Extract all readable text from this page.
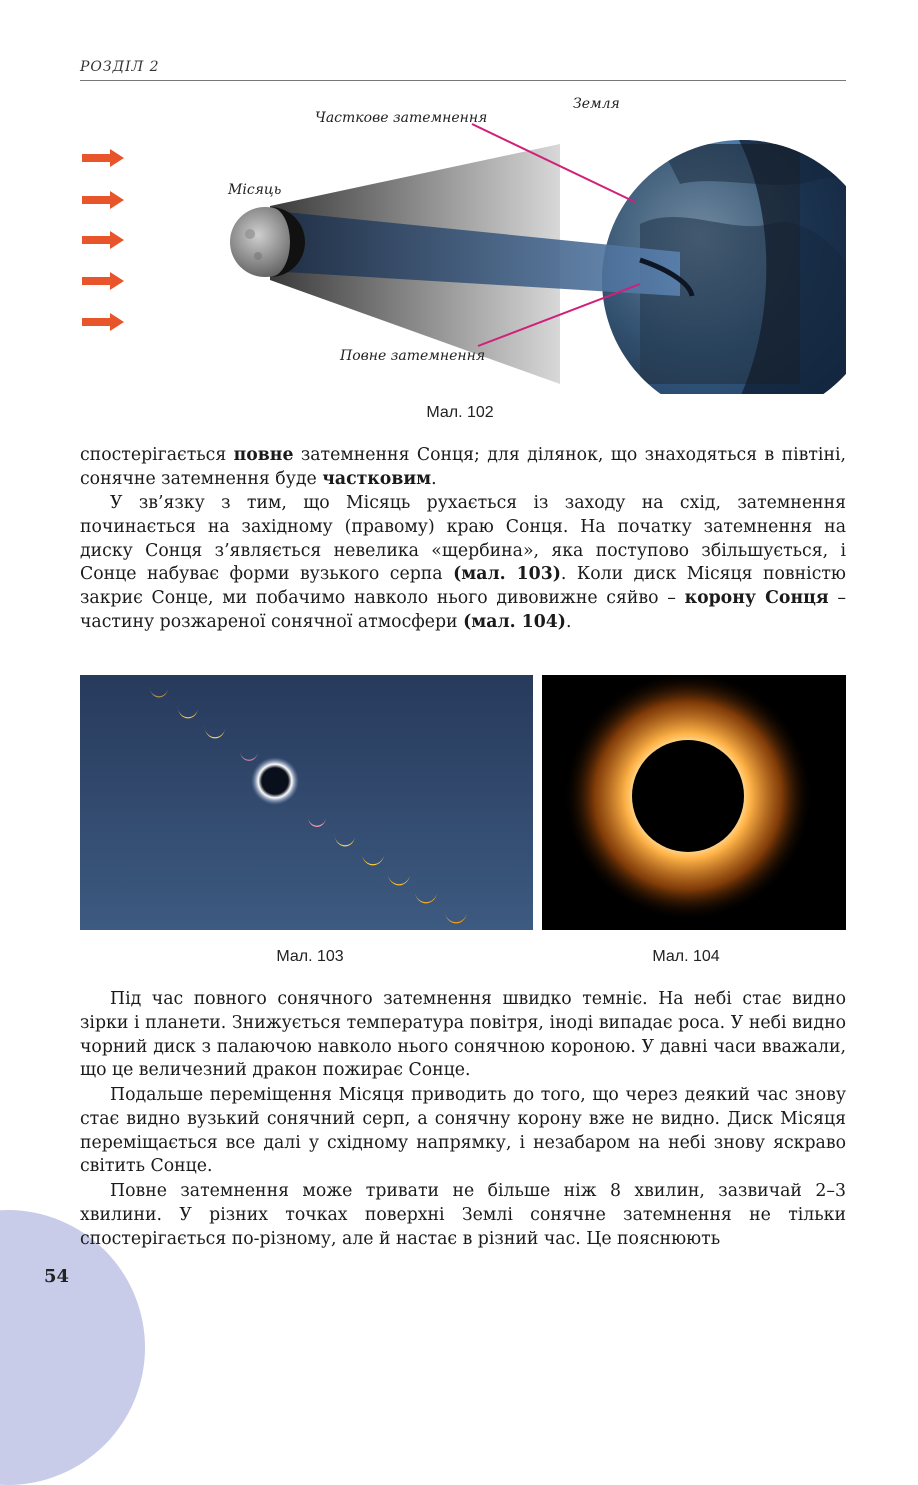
РОЗДІЛ 2
Часткове затемнення
Земля
Місяць
Повне затемнення
Мал. 102

спостерігається повне затемнення Сонця; для ділянок, що знаходяться в півтіні, сонячне затемнення буде частковим.

У зв’язку з тим, що Місяць рухається із заходу на схід, затемнення починається на західному (правому) краю Сонця. На початку затемнення на диску Сонця з’являється невелика «щербина», яка поступово збільшується, і Сонце набуває форми вузького серпа (мал. 103). Коли диск Місяця повністю закриє Сонце, ми побачимо навколо нього дивовижне сяйво – корону Сонця – частину розжареної сонячної атмосфери (мал. 104).

Мал. 103	Мал. 104

Під час повного сонячного затемнення швидко темніє. На небі стає видно зірки і планети. Знижується температура повітря, іноді випадає роса. У небі видно чорний диск з палаючою навколо нього сонячною короною. У давні часи вважали, що це величезний дракон пожирає Сонце.

Подальше переміщення Місяця приводить до того, що через деякий час знову стає видно вузький сонячний серп, а сонячну корону вже не видно. Диск Місяця переміщається все далі у східному напрямку, і незабаром на небі знову яскраво світить Сонце.

Повне затемнення може тривати не більше ніж 8 хвилин, зазвичай 2–3 хвилини. У різних точках поверхні Землі сонячне затемнення не тільки спостерігається по-різному, але й настає в різний час. Це пояснюють

54
